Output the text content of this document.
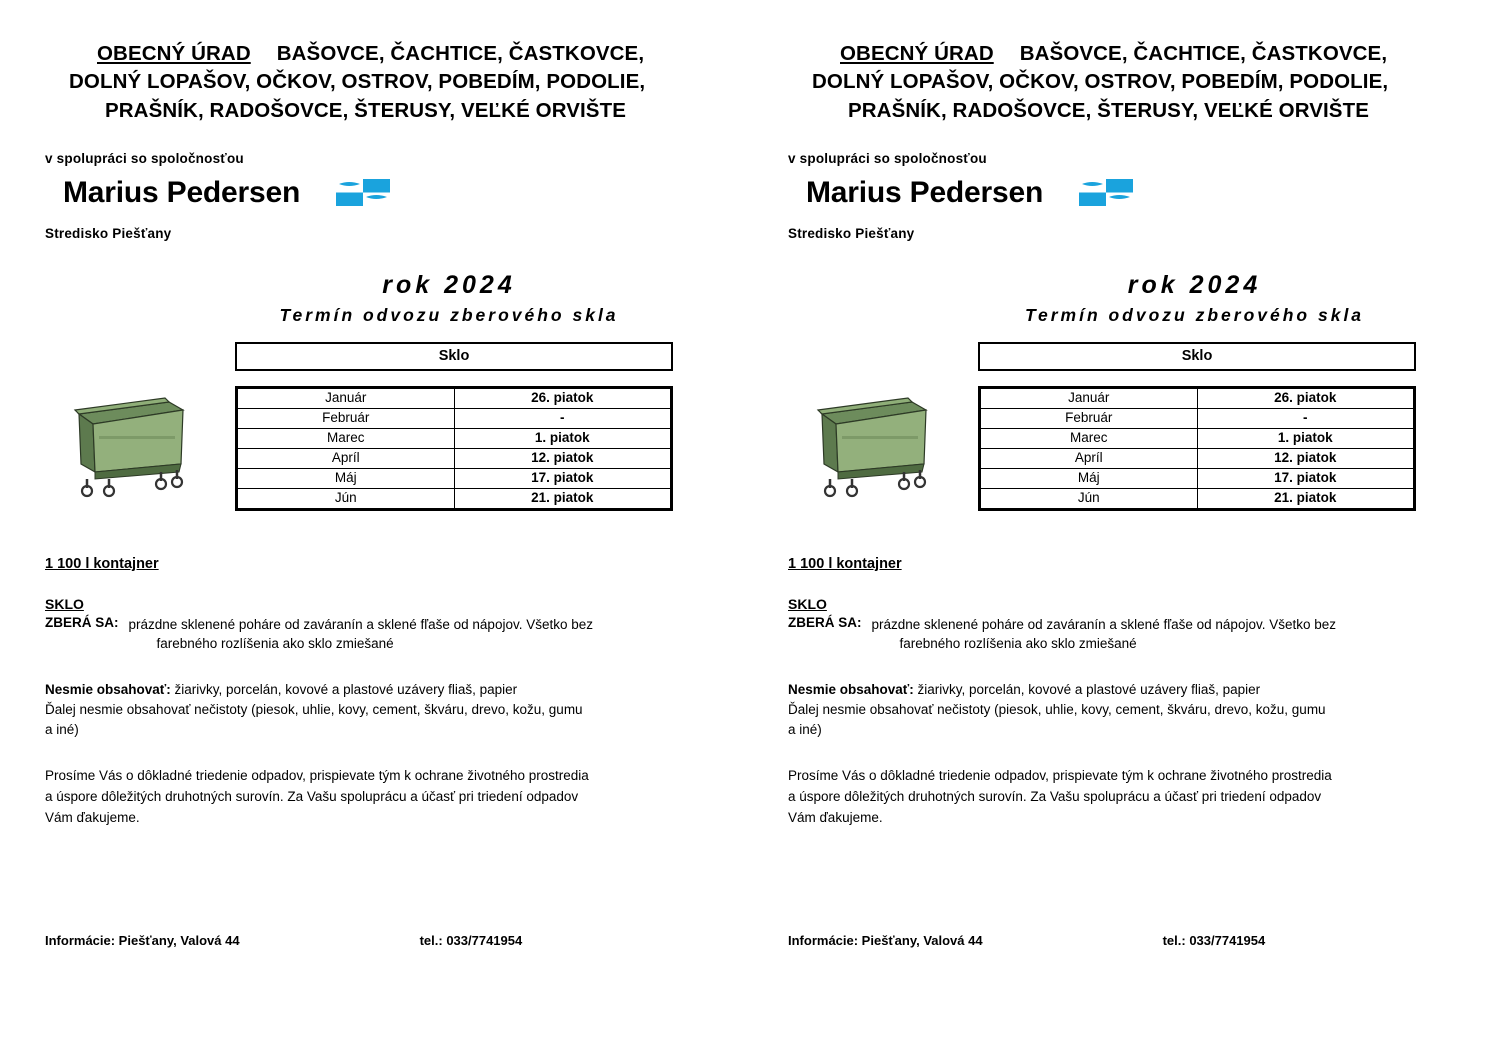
OBECNÝ ÚRAD BAŠOVCE, ČACHTICE, ČASTKOVCE,
DOLNÝ LOPAŠOV, OČKOV, OSTROV, POBEDÍM, PODOLIE,
PRAŠNÍK, RADOŠOVCE, ŠTERUSY, VEĽKÉ ORVIŠTE
v spolupráci so spoločnosťou
Marius Pedersen
Stredisko Piešťany
rok 2024
Termín odvozu zberového skla
Sklo
Január	26. piatok
Február	-
Marec	1. piatok
Apríl	12. piatok
Máj	17. piatok
Jún	21. piatok
1 100 l kontajner
SKLO
ZBERÁ SA: prázdne sklenené poháre od zaváranín a sklené fľaše od nápojov. Všetko bez
farebného rozlíšenia ako sklo zmiešané
Nesmie obsahovať: žiarivky, porcelán, kovové a plastové uzávery fliaš, papier
Ďalej nesmie obsahovať nečistoty (piesok, uhlie, kovy, cement, škváru, drevo, kožu, gumu
a iné)
Prosíme Vás o dôkladné triedenie odpadov, prispievate tým k ochrane životného prostredia
a úspore dôležitých druhotných surovín. Za Vašu spoluprácu a účasť pri triedení odpadov
Vám ďakujeme.
Informácie: Piešťany, Valová 44	tel.: 033/7741954
OBECNÝ ÚRAD BAŠOVCE, ČACHTICE, ČASTKOVCE,
DOLNÝ LOPAŠOV, OČKOV, OSTROV, POBEDÍM, PODOLIE,
PRAŠNÍK, RADOŠOVCE, ŠTERUSY, VEĽKÉ ORVIŠTE
v spolupráci so spoločnosťou
Marius Pedersen
Stredisko Piešťany
rok 2024
Termín odvozu zberového skla
Sklo
Január	26. piatok
Február	-
Marec	1. piatok
Apríl	12. piatok
Máj	17. piatok
Jún	21. piatok
1 100 l kontajner
SKLO
ZBERÁ SA: prázdne sklenené poháre od zaváranín a sklené fľaše od nápojov. Všetko bez
farebného rozlíšenia ako sklo zmiešané
Nesmie obsahovať: žiarivky, porcelán, kovové a plastové uzávery fliaš, papier
Ďalej nesmie obsahovať nečistoty (piesok, uhlie, kovy, cement, škváru, drevo, kožu, gumu
a iné)
Prosíme Vás o dôkladné triedenie odpadov, prispievate tým k ochrane životného prostredia
a úspore dôležitých druhotných surovín. Za Vašu spoluprácu a účasť pri triedení odpadov
Vám ďakujeme.
Informácie: Piešťany, Valová 44	tel.: 033/7741954
